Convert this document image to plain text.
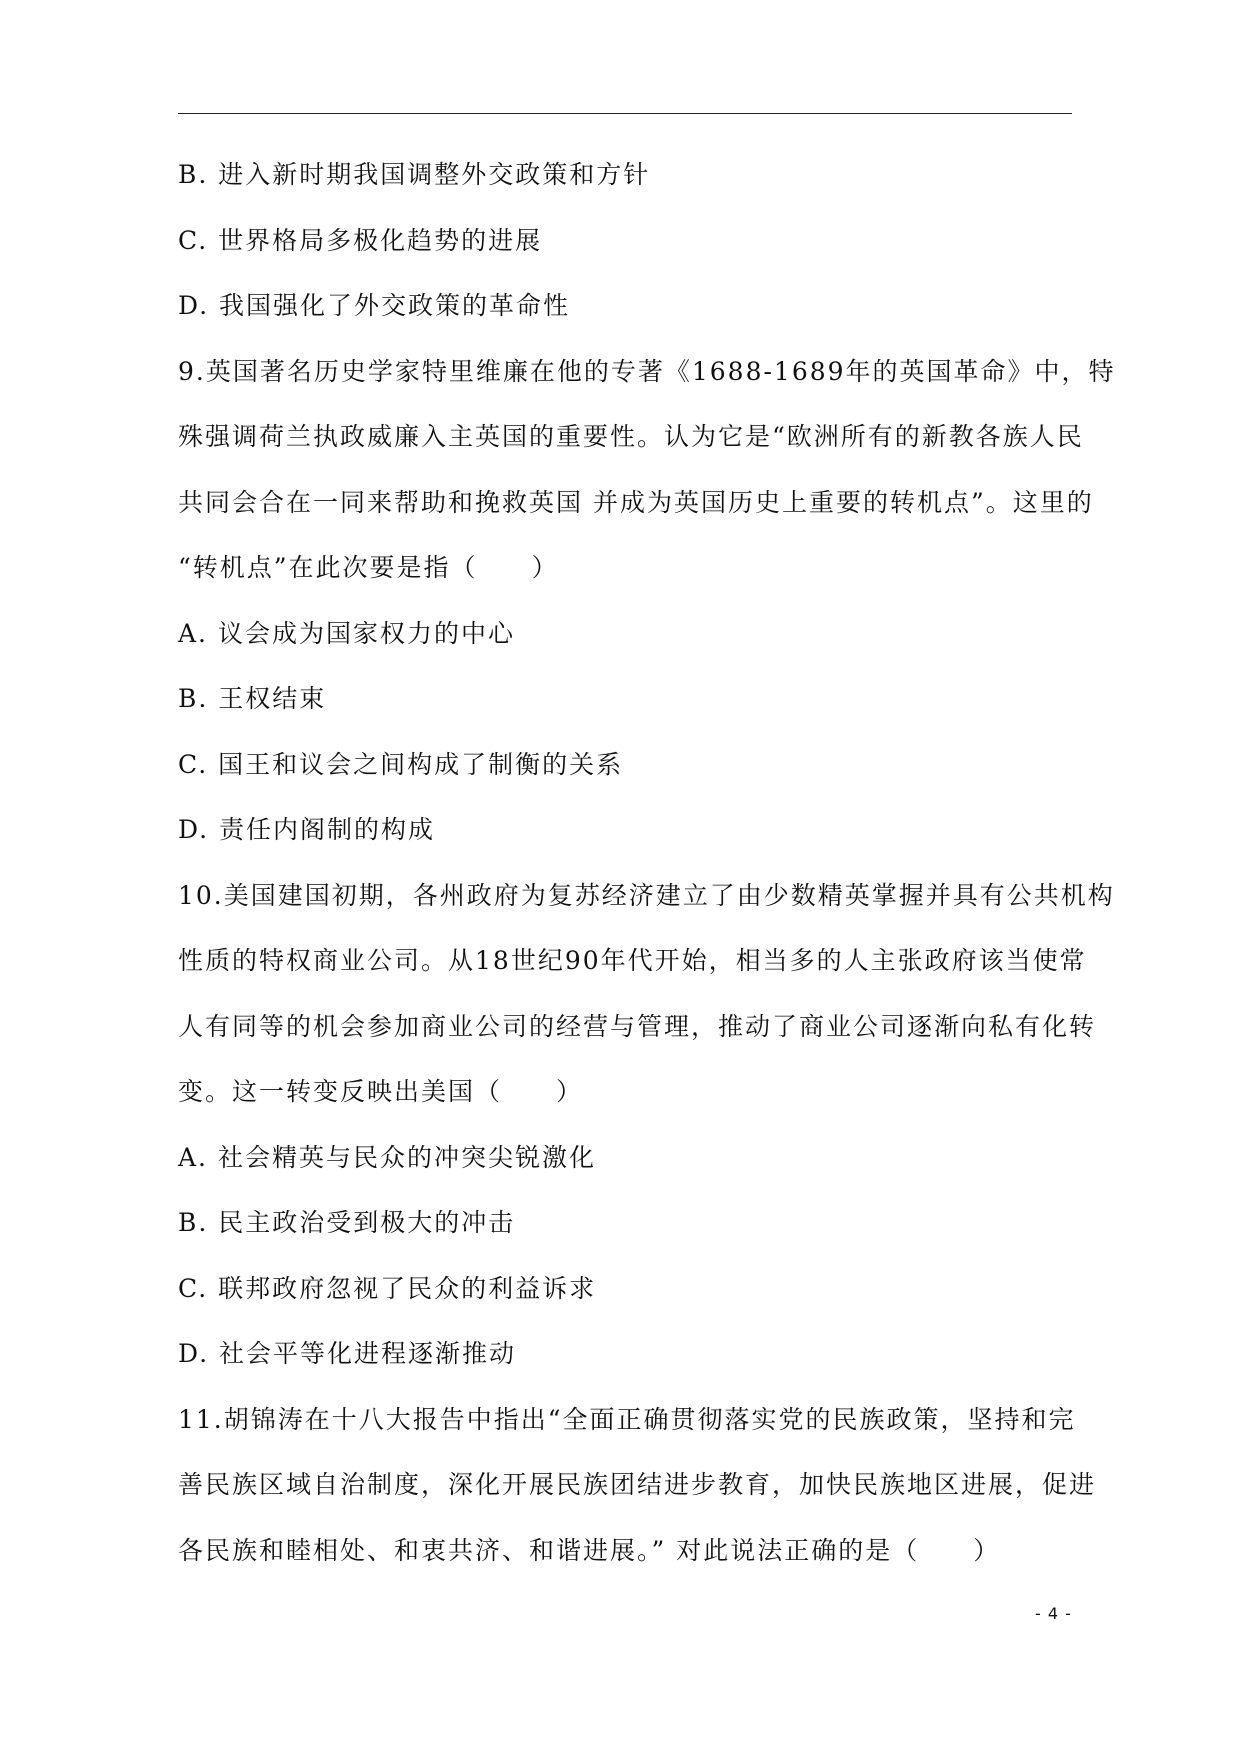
B. 进入新时期我国调整外交政策和方针
C. 世界格局多极化趋势的进展
D. 我国强化了外交政策的革命性
9.英国著名历史学家特里维廉在他的专著《1688-1689年的英国革命》中，特
殊强调荷兰执政威廉入主英国的重要性。认为它是“欧洲所有的新教各族人民
共同会合在一同来帮助和挽救英国 并成为英国历史上重要的转机点”。这里的
“转机点”在此次要是指（　　）
A. 议会成为国家权力的中心
B. 王权结束
C. 国王和议会之间构成了制衡的关系
D. 责任内阁制的构成
10.美国建国初期，各州政府为复苏经济建立了由少数精英掌握并具有公共机构
性质的特权商业公司。从18世纪90年代开始，相当多的人主张政府该当使常
人有同等的机会参加商业公司的经营与管理，推动了商业公司逐渐向私有化转
变。这一转变反映出美国（　　）
A. 社会精英与民众的冲突尖锐激化
B. 民主政治受到极大的冲击
C. 联邦政府忽视了民众的利益诉求
D. 社会平等化进程逐渐推动
11.胡锦涛在十八大报告中指出“全面正确贯彻落实党的民族政策，坚持和完
善民族区域自治制度，深化开展民族团结进步教育，加快民族地区进展，促进
各民族和睦相处、和衷共济、和谐进展。” 对此说法正确的是（　　）
- 4 -
